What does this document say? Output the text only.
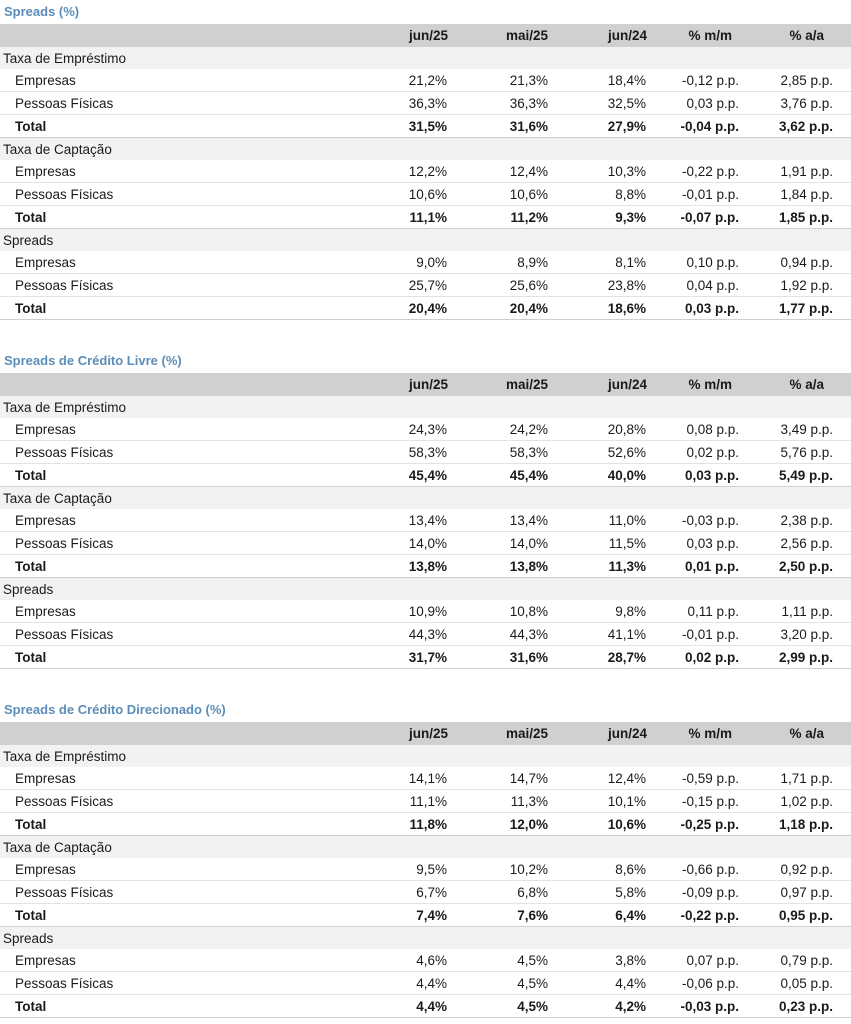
Spreads (%)
	jun/25	mai/25	jun/24	% m/m	% a/a
Taxa de Empréstimo					
Empresas	21,2%	21,3%	18,4%	-0,12 p.p.	2,85 p.p.
Pessoas Físicas	36,3%	36,3%	32,5%	0,03 p.p.	3,76 p.p.
Total	31,5%	31,6%	27,9%	-0,04 p.p.	3,62 p.p.
Taxa de Captação					
Empresas	12,2%	12,4%	10,3%	-0,22 p.p.	1,91 p.p.
Pessoas Físicas	10,6%	10,6%	8,8%	-0,01 p.p.	1,84 p.p.
Total	11,1%	11,2%	9,3%	-0,07 p.p.	1,85 p.p.
Spreads					
Empresas	9,0%	8,9%	8,1%	0,10 p.p.	0,94 p.p.
Pessoas Físicas	25,7%	25,6%	23,8%	0,04 p.p.	1,92 p.p.
Total	20,4%	20,4%	18,6%	0,03 p.p.	1,77 p.p.
Spreads de Crédito Livre (%)
	jun/25	mai/25	jun/24	% m/m	% a/a
Taxa de Empréstimo					
Empresas	24,3%	24,2%	20,8%	0,08 p.p.	3,49 p.p.
Pessoas Físicas	58,3%	58,3%	52,6%	0,02 p.p.	5,76 p.p.
Total	45,4%	45,4%	40,0%	0,03 p.p.	5,49 p.p.
Taxa de Captação					
Empresas	13,4%	13,4%	11,0%	-0,03 p.p.	2,38 p.p.
Pessoas Físicas	14,0%	14,0%	11,5%	0,03 p.p.	2,56 p.p.
Total	13,8%	13,8%	11,3%	0,01 p.p.	2,50 p.p.
Spreads					
Empresas	10,9%	10,8%	9,8%	0,11 p.p.	1,11 p.p.
Pessoas Físicas	44,3%	44,3%	41,1%	-0,01 p.p.	3,20 p.p.
Total	31,7%	31,6%	28,7%	0,02 p.p.	2,99 p.p.
Spreads de Crédito Direcionado (%)
	jun/25	mai/25	jun/24	% m/m	% a/a
Taxa de Empréstimo					
Empresas	14,1%	14,7%	12,4%	-0,59 p.p.	1,71 p.p.
Pessoas Físicas	11,1%	11,3%	10,1%	-0,15 p.p.	1,02 p.p.
Total	11,8%	12,0%	10,6%	-0,25 p.p.	1,18 p.p.
Taxa de Captação					
Empresas	9,5%	10,2%	8,6%	-0,66 p.p.	0,92 p.p.
Pessoas Físicas	6,7%	6,8%	5,8%	-0,09 p.p.	0,97 p.p.
Total	7,4%	7,6%	6,4%	-0,22 p.p.	0,95 p.p.
Spreads					
Empresas	4,6%	4,5%	3,8%	0,07 p.p.	0,79 p.p.
Pessoas Físicas	4,4%	4,5%	4,4%	-0,06 p.p.	0,05 p.p.
Total	4,4%	4,5%	4,2%	-0,03 p.p.	0,23 p.p.
